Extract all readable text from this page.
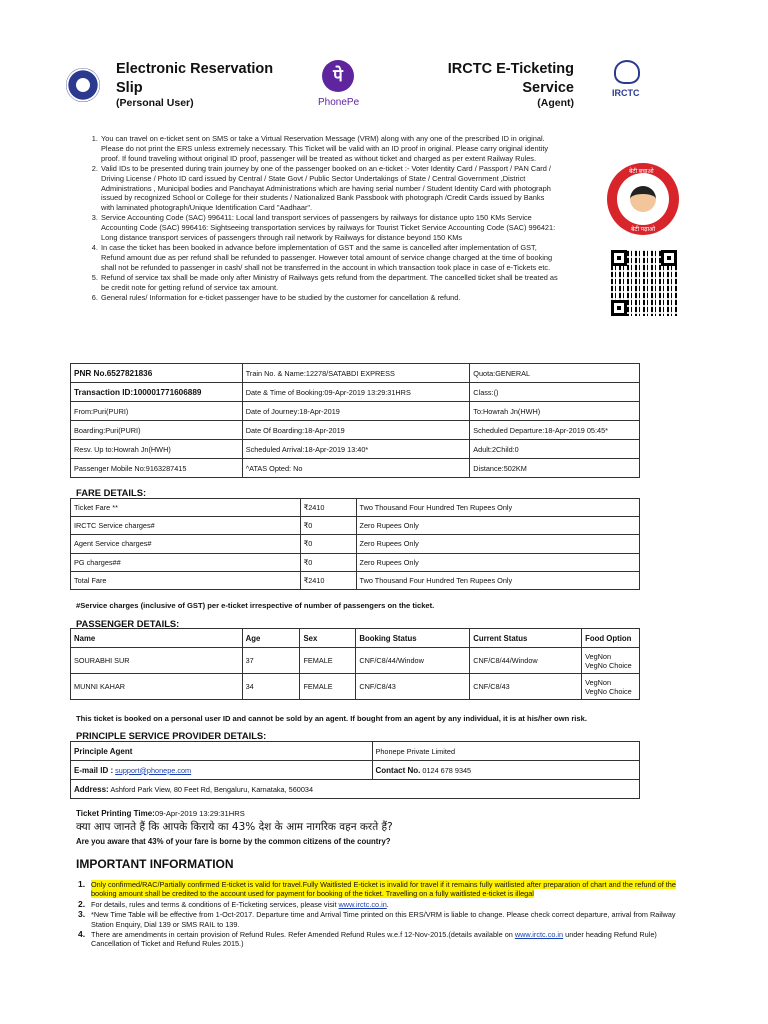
Electronic Reservation Slip
(Personal User)
पे
PhonePe
IRCTC E-Ticketing
Service
(Agent)
IRCTC
1. You can travel on e-ticket sent on SMS or take a Virtual Reservation Message (VRM) along with any one of the prescribed ID in original. Please do not print the ERS unless extremely necessary. This Ticket will be valid with an ID proof in original. Please carry original identity proof. If found traveling without original ID proof, passenger will be treated as without ticket and charged as per extent Railway Rules.
2. Valid IDs to be presented during train journey by one of the passenger booked on an e-ticket :- Voter Identity Card / Passport / PAN Card / Driving License / Photo ID card issued by Central / State Govt / Public Sector Undertakings of State / Central Government ,District Administrations , Municipal bodies and Panchayat Administrations which are having serial number / Student Identity Card with photograph issued by recognized School or College for their students / Nationalized Bank Passbook with photograph /Credit Cards issued by Banks with laminated photograph/Unique Identification Card "Aadhaar".
3. Service Accounting Code (SAC) 996411: Local land transport services of passengers by railways for distance upto 150 KMs Service Accounting Code (SAC) 996416: Sightseeing transportation services by railways for Tourist Ticket Service Accounting Code (SAC) 996421: Long distance transport services of passengers through rail network by Railways for distance beyond 150 KMs
4. In case the ticket has been booked in advance before implementation of GST and the same is cancelled after implementation of GST, Refund amount due as per refund shall be refunded to passenger. However total amount of service change charged at the time of booking shall not be refunded to passenger in cash/ shall not be transferred in the account in which transaction took place in case of e-Tickets etc.
5. Refund of service tax shall be made only after Ministry of Railways gets refund from the department. The cancelled ticket shall be treated as be credit note for getting refund of service tax amount.
6. General rules/ Information for e-ticket passenger have to be studied by the customer for cancellation & refund.
बेटी बचाओ
बेटी पढ़ाओ
PNR No.6527821836	Train No. & Name:12278/SATABDI EXPRESS	Quota:GENERAL
Transaction ID:100001771606889	Date & Time of Booking:09-Apr-2019 13:29:31HRS	Class:()
From:Puri(PURI)	Date of Journey:18-Apr-2019	To:Howrah Jn(HWH)
Boarding:Puri(PURI)	Date Of Boarding:18-Apr-2019	Scheduled Departure:18-Apr-2019 05:45*
Resv. Up to:Howrah Jn(HWH)	Scheduled Arrival:18-Apr-2019 13:40*	Adult:2Child:0
Passenger Mobile No:9163287415	^ATAS Opted: No	Distance:502KM
FARE DETAILS:
Ticket Fare **	₹2410	Two Thousand Four Hundred Ten Rupees Only
IRCTC Service charges#	₹0	Zero Rupees Only
Agent Service charges#	₹0	Zero Rupees Only
PG charges##	₹0	Zero Rupees Only
Total Fare	₹2410	Two Thousand Four Hundred Ten Rupees Only
#Service charges (inclusive of GST) per e-ticket irrespective of number of passengers on the ticket.
PASSENGER DETAILS:
Name	Age	Sex	Booking Status	Current Status	Food Option
SOURABHI SUR	37	FEMALE	CNF/C8/44/Window	CNF/C8/44/Window	VegNon
VegNo Choice

MUNNI KAHAR	34	FEMALE	CNF/C8/43	CNF/C8/43	VegNon
VegNo Choice
This ticket is booked on a personal user ID and cannot be sold by an agent. If bought from an agent by any individual, it is at his/her own risk.
PRINCIPLE SERVICE PROVIDER DETAILS:
Principle Agent	Phonepe Private Limited
E-mail ID : support@phonepe.com	Contact No. 0124 678 9345
Address: Ashford Park View, 80 Feet Rd, Bengaluru, Karnataka, 560034	
Ticket Printing Time:09-Apr-2019 13:29:31HRS
क्या आप जानते हैं कि आपके किराये का 43% देश के आम नागरिक वहन करते हैं?
Are you aware that 43% of your fare is borne by the common citizens of the country?
IMPORTANT INFORMATION
1. Only confirmed/RAC/Partially confirmed E-ticket is valid for travel.Fully Waitlisted E-ticket is invalid for travel if it remains fully waitlisted after preparation of chart and the refund of the booking amount shall be credited to the account used for payment for booking of the ticket. Travelling on a fully waitlisted e-ticket is illegal
2. For details, rules and terms & conditions of E-Ticketing services, please visit www.irctc.co.in.
3. *New Time Table will be effective from 1-Oct-2017. Departure time and Arrival Time printed on this ERS/VRM is liable to change. Please check correct departure, arrival from Railway Station Enquiry, Dial 139 or SMS RAIL to 139.
4. There are amendments in certain provision of Refund Rules. Refer Amended Refund Rules w.e.f 12-Nov-2015.(details available on www.irctc.co.in under heading Refund Rule) Cancellation of Ticket and Refund Rules 2015.)
